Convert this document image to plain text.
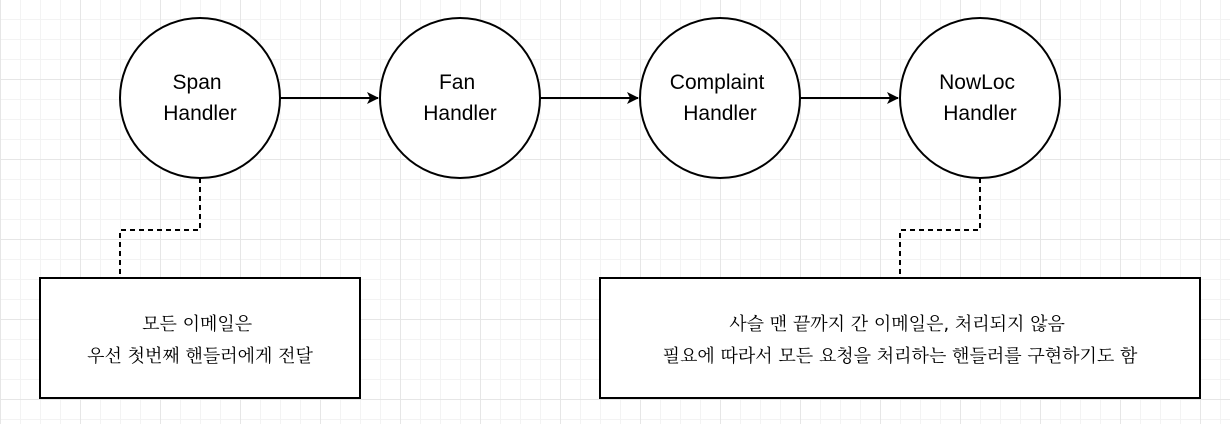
Span Handler
Fan Handler
Complaint Handler
NowLoc Handler
모든 이메일은 우선 첫번째 핸들러에게 전달
사슬 맨 끝까지 간 이메일은, 처리되지 않음 필요에 따라서 모든 요청을 처리하는 핸들러를 구현하기도 함
